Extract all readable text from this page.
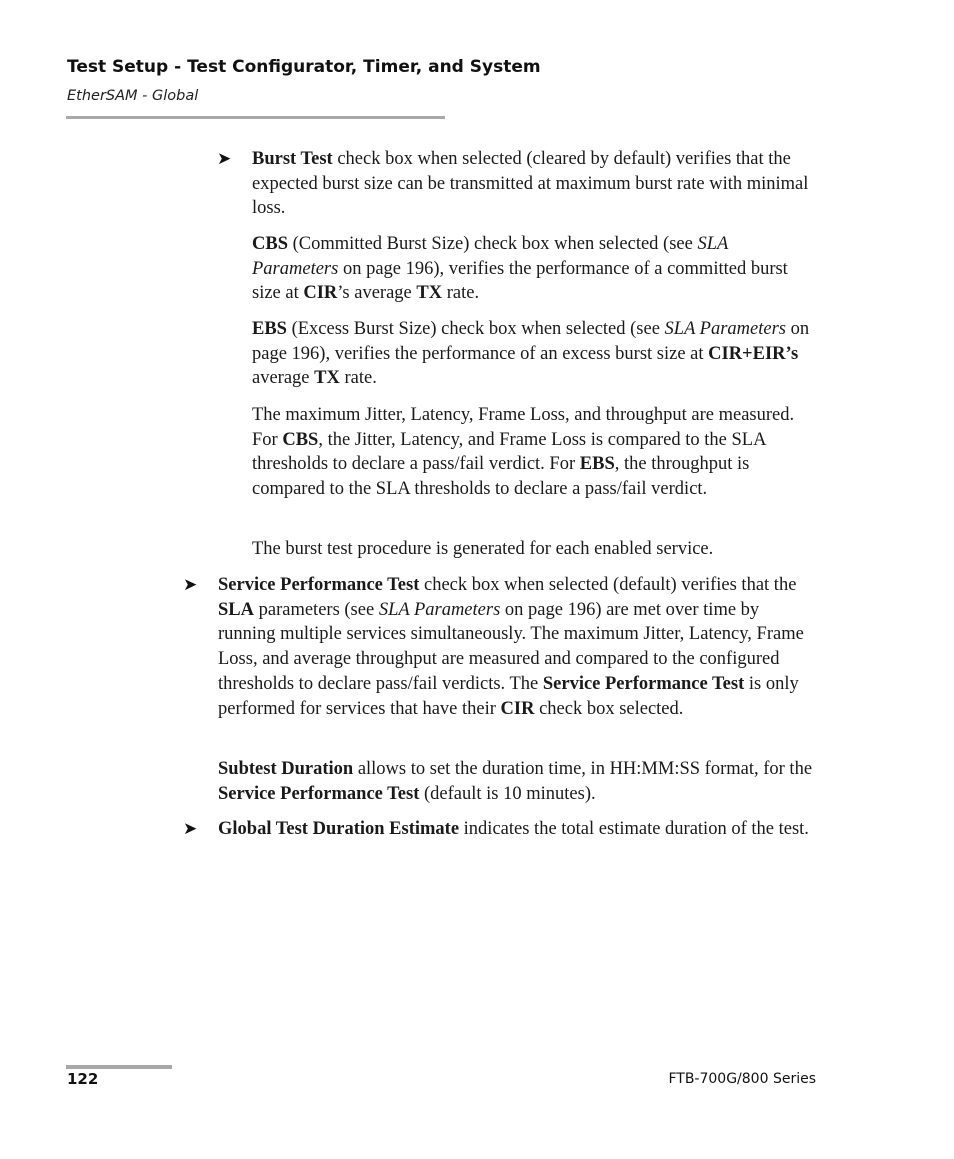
Test Setup - Test Configurator, Timer, and System
EtherSAM - Global
➤ Burst Test check box when selected (cleared by default) verifies that the expected burst size can be transmitted at maximum burst rate with minimal loss.

CBS (Committed Burst Size) check box when selected (see SLA Parameters on page 196), verifies the performance of a committed burst size at CIR’s average TX rate.

EBS (Excess Burst Size) check box when selected (see SLA Parameters on page 196), verifies the performance of an excess burst size at CIR+EIR’s average TX rate.

The maximum Jitter, Latency, Frame Loss, and throughput are measured. For CBS, the Jitter, Latency, and Frame Loss is compared to the SLA thresholds to declare a pass/fail verdict. For EBS, the throughput is compared to the SLA thresholds to declare a pass/fail verdict.

The burst test procedure is generated for each enabled service.

➤ Service Performance Test check box when selected (default) verifies that the SLA parameters (see SLA Parameters on page 196) are met over time by running multiple services simultaneously. The maximum Jitter, Latency, Frame Loss, and average throughput are measured and compared to the configured thresholds to declare pass/fail verdicts. The Service Performance Test is only performed for services that have their CIR check box selected.

Subtest Duration allows to set the duration time, in HH:MM:SS format, for the Service Performance Test (default is 10 minutes).

➤ Global Test Duration Estimate indicates the total estimate duration of the test.

122	FTB-700G/800 Series
